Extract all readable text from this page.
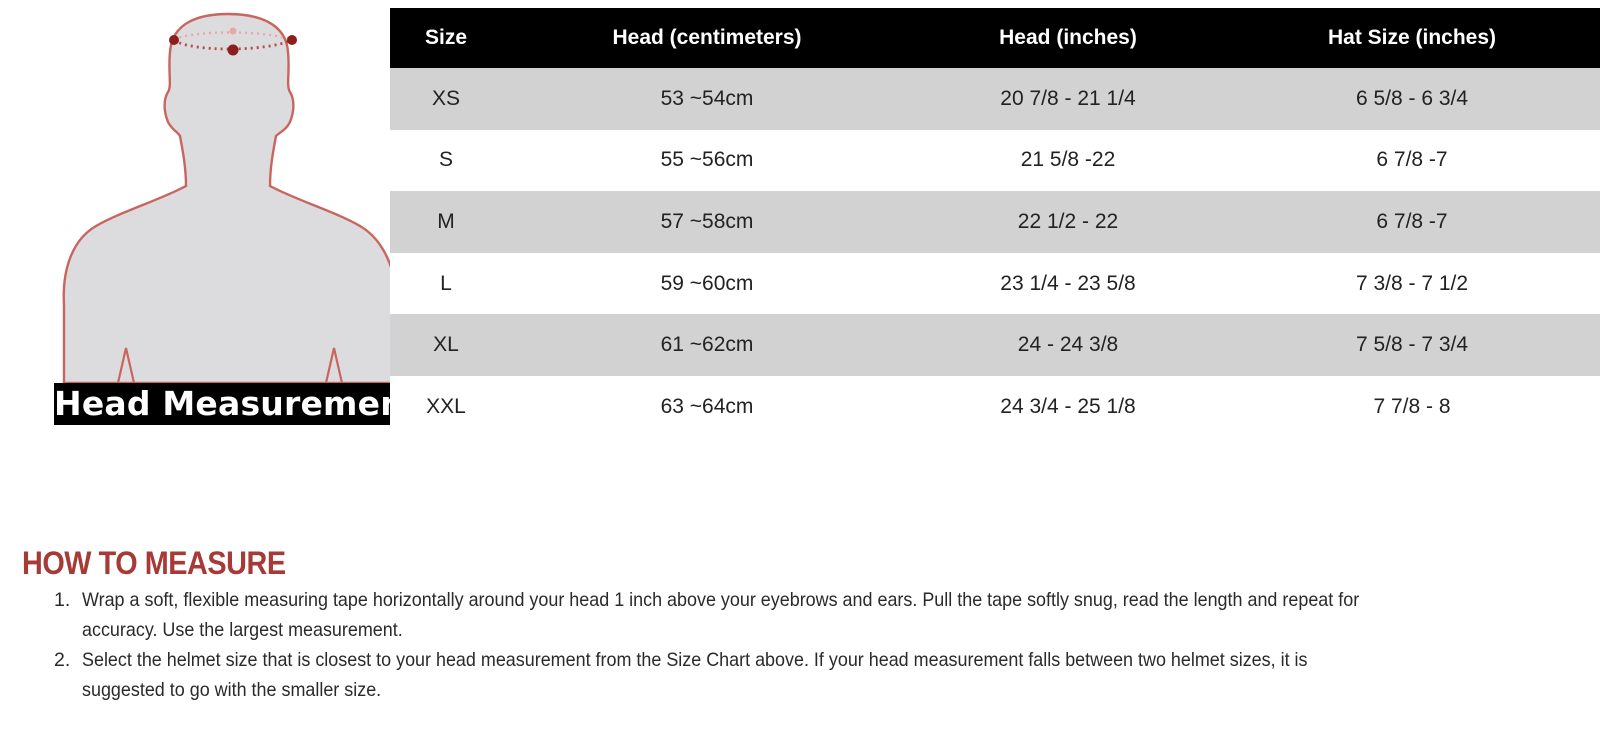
Head Measurement
Size	Head (centimeters)	Head (inches)	Hat Size (inches)
XS	53 ~54cm	20 7/8 - 21 1/4	6 5/8 - 6 3/4
S	55 ~56cm	21 5/8 -22	6 7/8 -7
M	57 ~58cm	22 1/2 - 22	6 7/8 -7
L	59 ~60cm	23 1/4 - 23 5/8	7 3/8 - 7 1/2
XL	61 ~62cm	24 - 24 3/8	7 5/8 - 7 3/4
XXL	63 ~64cm	24 3/4 - 25 1/8	7 7/8 - 8
HOW TO MEASURE
1. Wrap a soft, flexible measuring tape horizontally around your head 1 inch above your eyebrows and ears. Pull the tape softly snug, read the length and repeat for accuracy. Use the largest measurement.
2. Select the helmet size that is closest to your head measurement from the Size Chart above. If your head measurement falls between two helmet sizes, it is suggested to go with the smaller size.
